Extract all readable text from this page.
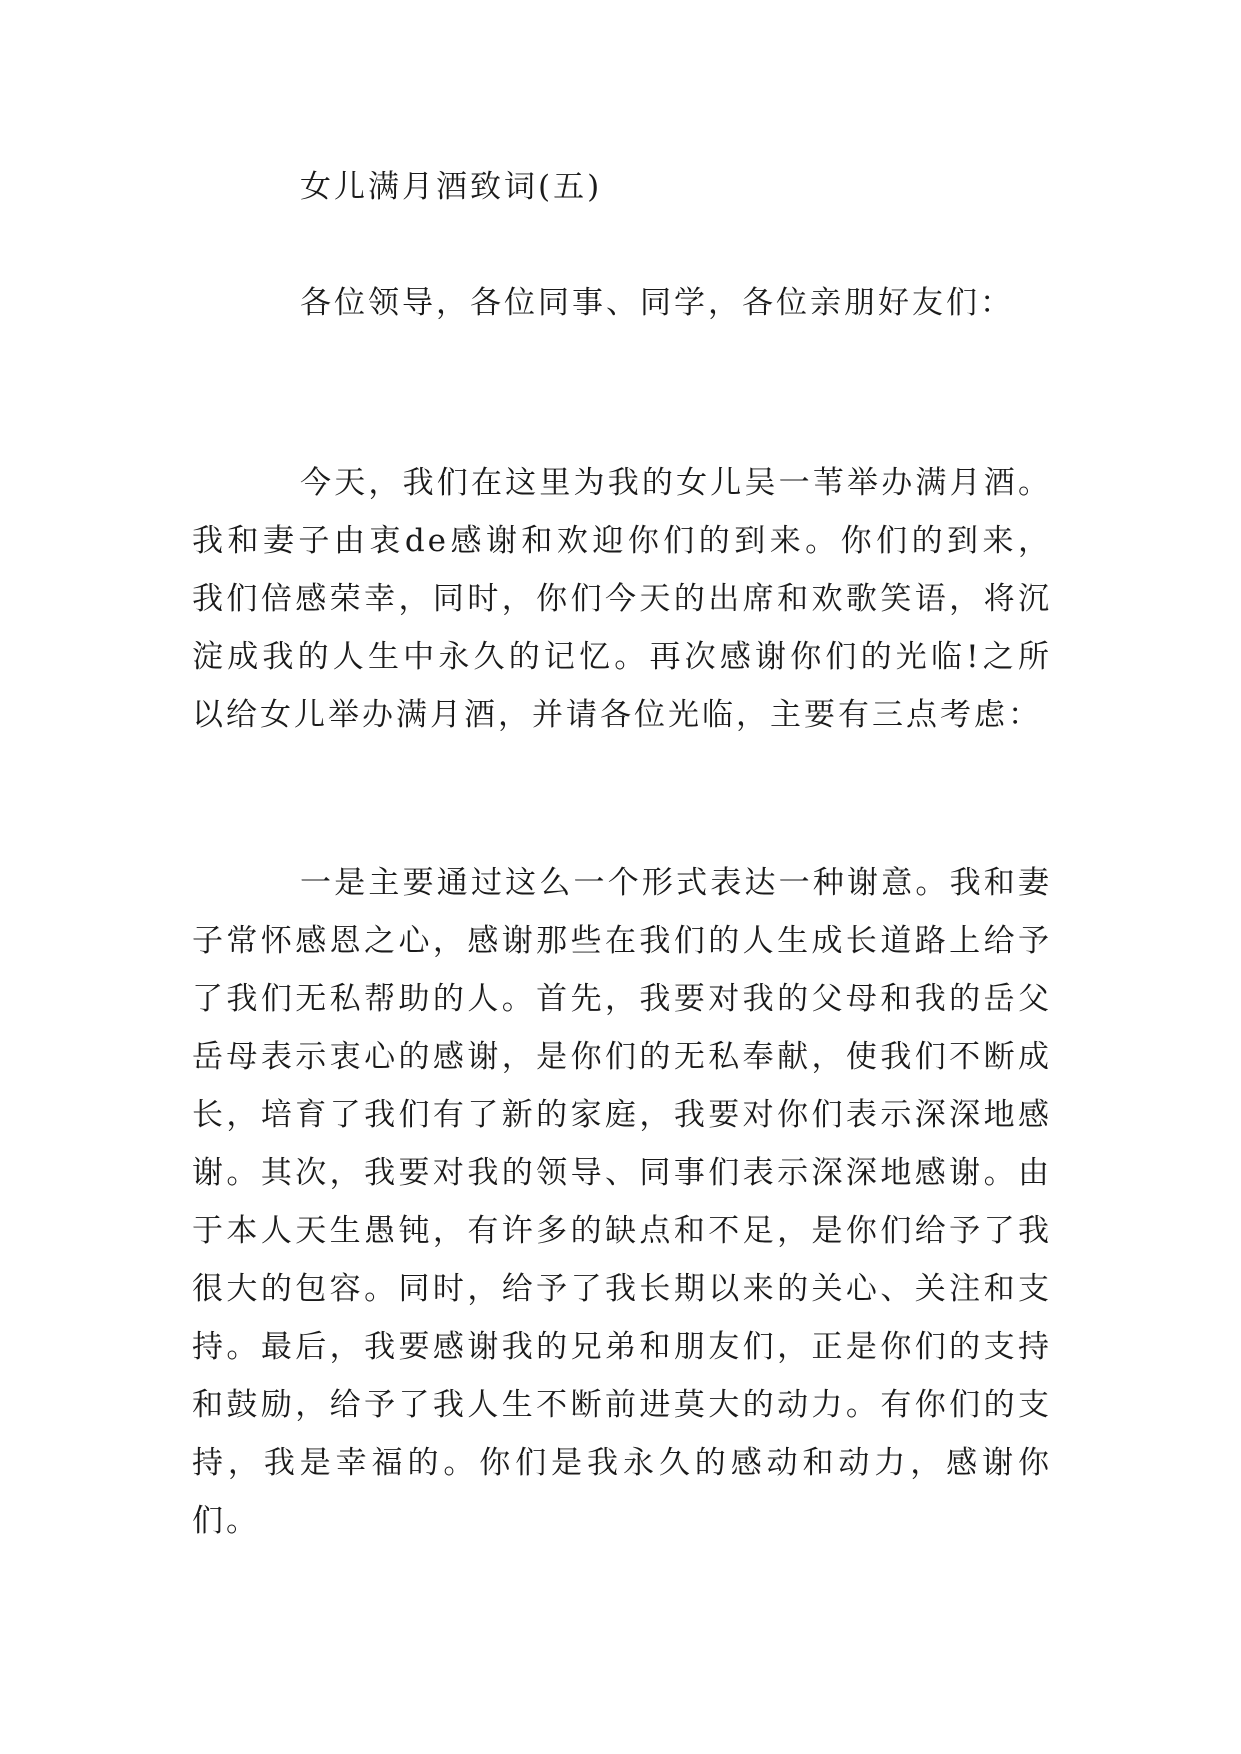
女儿满月酒致词(五)

各位领导，各位同事、同学，各位亲朋好友们：

今天，我们在这里为我的女儿吴一苇举办满月酒。我和妻子由衷de感谢和欢迎你们的到来。你们的到来，我们倍感荣幸，同时，你们今天的出席和欢歌笑语，将沉淀成我的人生中永久的记忆。再次感谢你们的光临!之所以给女儿举办满月酒，并请各位光临，主要有三点考虑：

一是主要通过这么一个形式表达一种谢意。我和妻子常怀感恩之心，感谢那些在我们的人生成长道路上给予了我们无私帮助的人。首先，我要对我的父母和我的岳父岳母表示衷心的感谢，是你们的无私奉献，使我们不断成长，培育了我们有了新的家庭，我要对你们表示深深地感谢。其次，我要对我的领导、同事们表示深深地感谢。由于本人天生愚钝，有许多的缺点和不足，是你们给予了我很大的包容。同时，给予了我长期以来的关心、关注和支持。最后，我要感谢我的兄弟和朋友们，正是你们的支持和鼓励，给予了我人生不断前进莫大的动力。有你们的支持，我是幸福的。你们是我永久的感动和动力，感谢你们。
